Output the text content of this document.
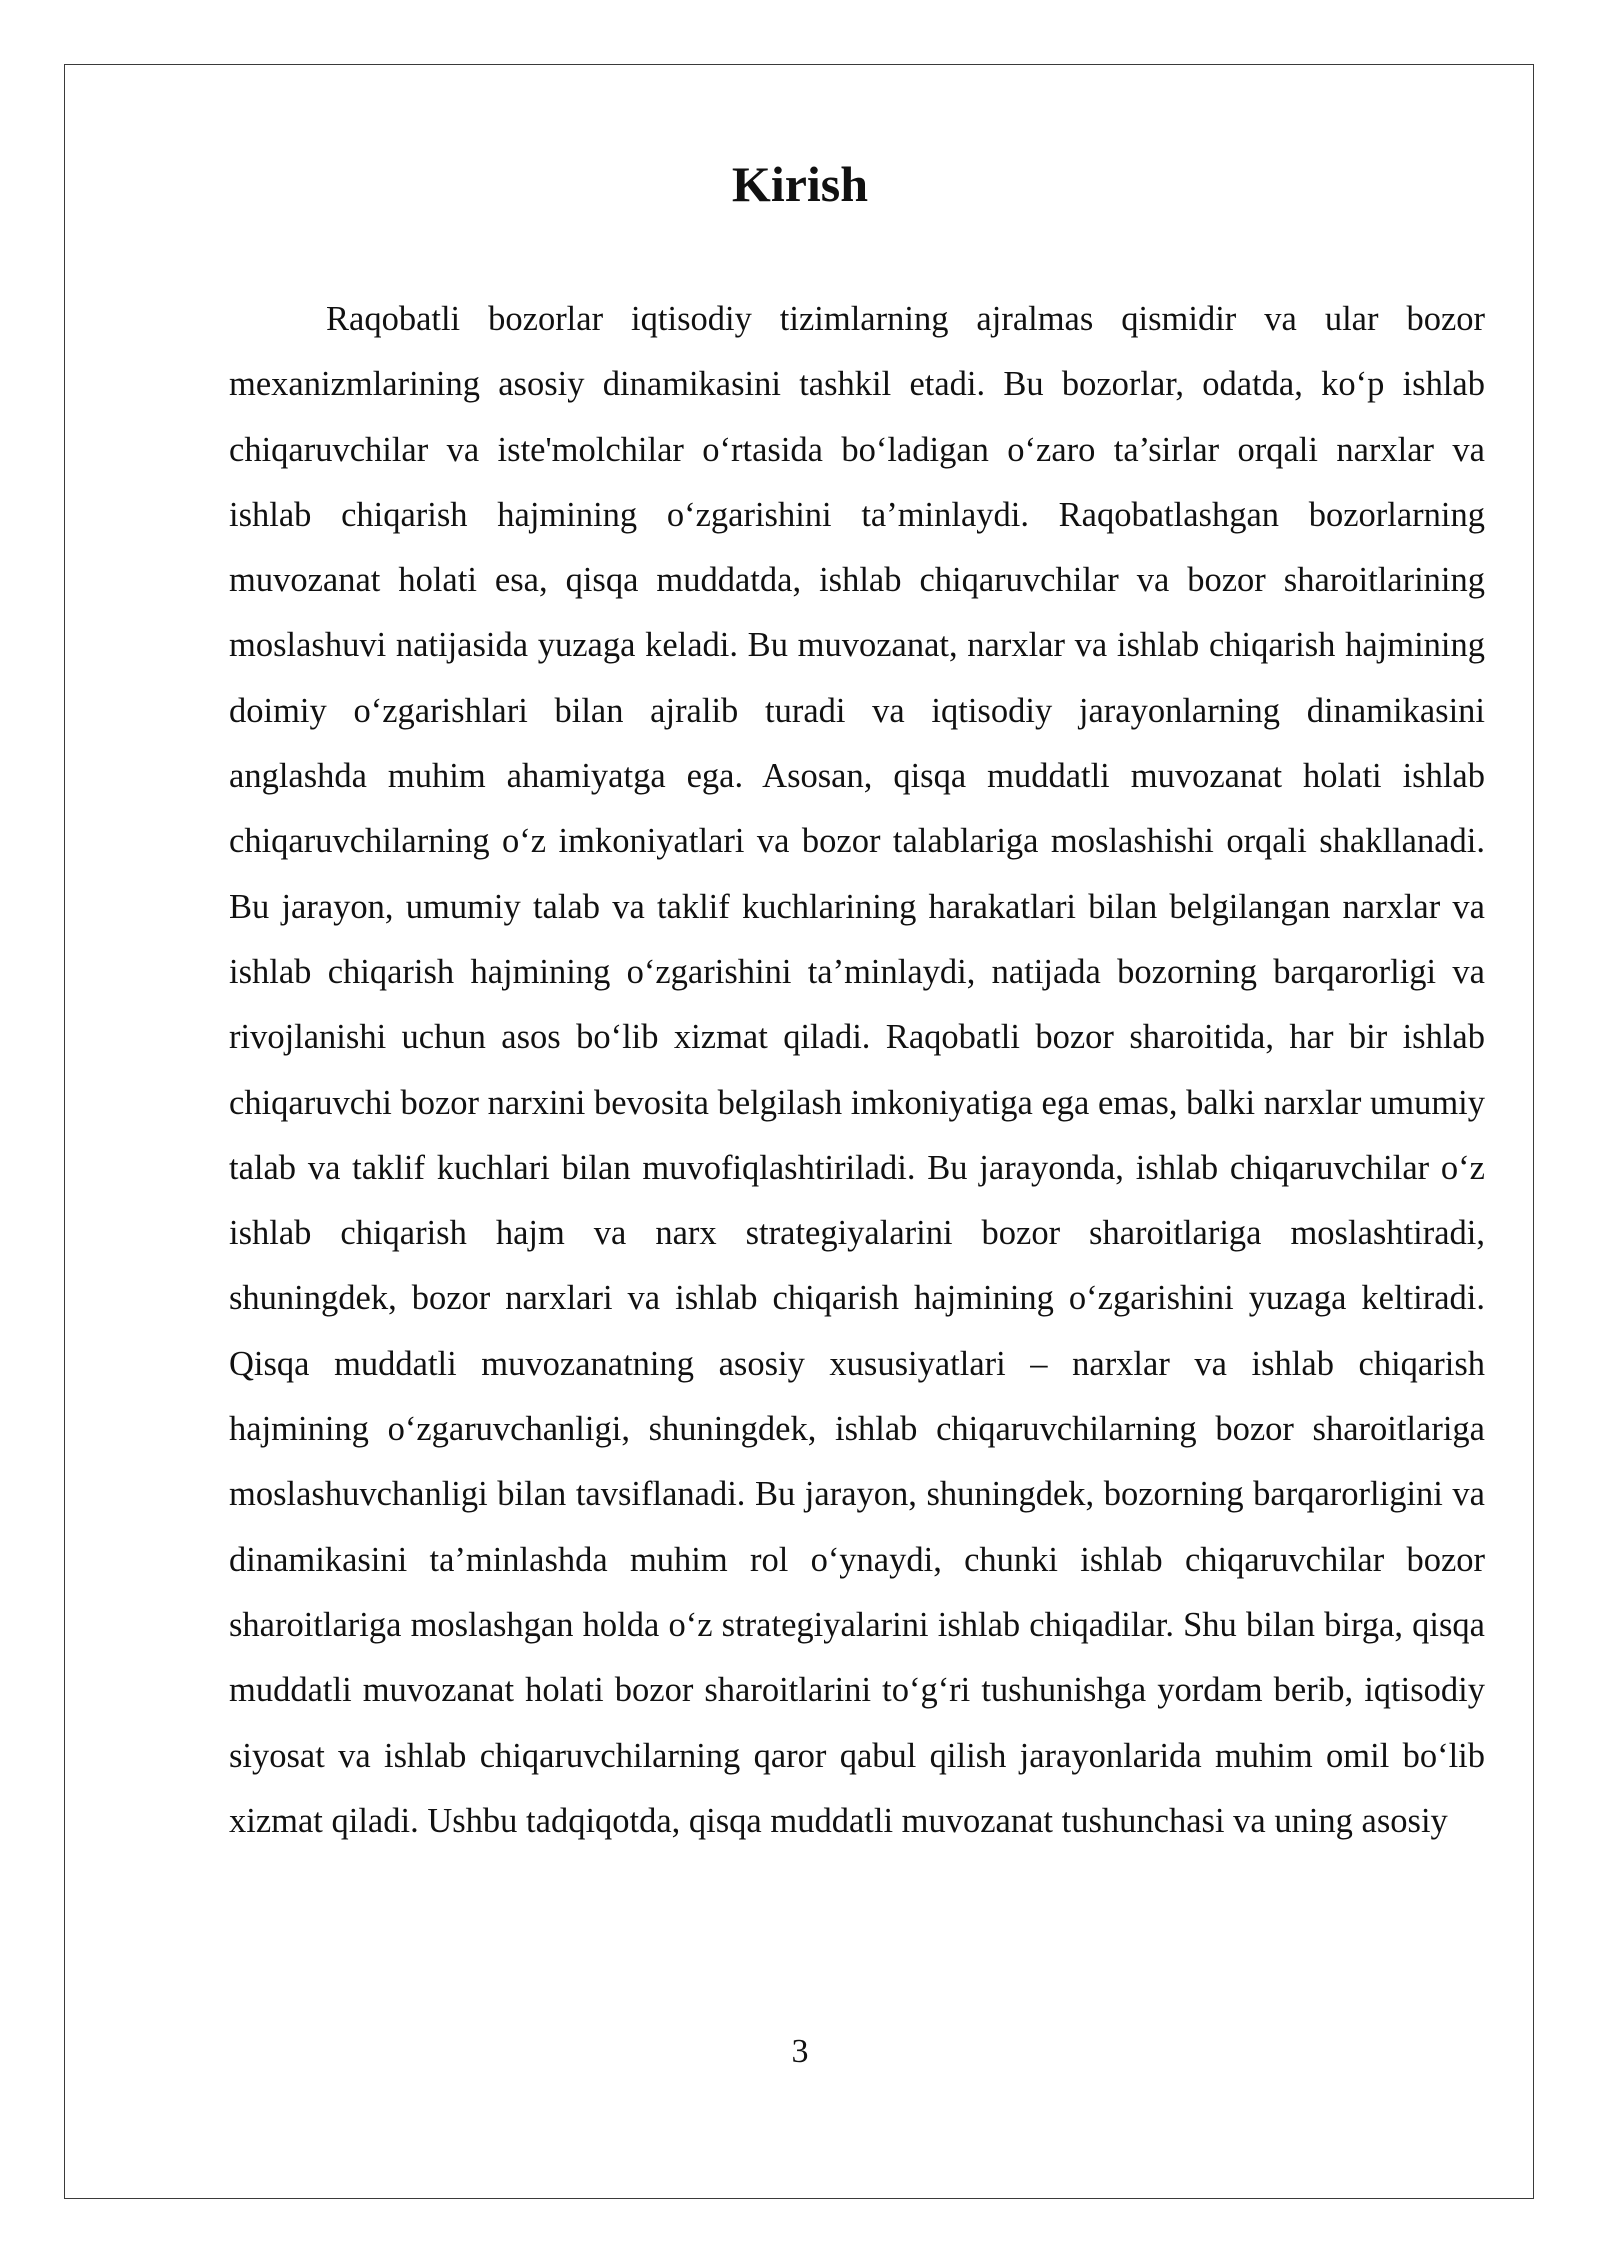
Kirish

Raqobatli bozorlar iqtisodiy tizimlarning ajralmas qismidir va ular bozor mexanizmlarining asosiy dinamikasini tashkil etadi. Bu bozorlar, odatda, ko‘p ishlab chiqaruvchilar va iste'molchilar o‘rtasida bo‘ladigan o‘zaro ta’sirlar orqali narxlar va ishlab chiqarish hajmining o‘zgarishini ta’minlaydi. Raqobatlashgan bozorlarning muvozanat holati esa, qisqa muddatda, ishlab chiqaruvchilar va bozor sharoitlarining moslashuvi natijasida yuzaga keladi. Bu muvozanat, narxlar va ishlab chiqarish hajmining doimiy o‘zgarishlari bilan ajralib turadi va iqtisodiy jarayonlarning dinamikasini anglashda muhim ahamiyatga ega. Asosan, qisqa muddatli muvozanat holati ishlab chiqaruvchilarning o‘z imkoniyatlari va bozor talablariga moslashishi orqali shakllanadi. Bu jarayon, umumiy talab va taklif kuchlarining harakatlari bilan belgilangan narxlar va ishlab chiqarish hajmining o‘zgarishini ta’minlaydi, natijada bozorning barqarorligi va rivojlanishi uchun asos bo‘lib xizmat qiladi. Raqobatli bozor sharoitida, har bir ishlab chiqaruvchi bozor narxini bevosita belgilash imkoniyatiga ega emas, balki narxlar umumiy talab va taklif kuchlari bilan muvofiqlashtiriladi. Bu jarayonda, ishlab chiqaruvchilar o‘z ishlab chiqarish hajm va narx strategiyalarini bozor sharoitlariga moslashtiradi, shuningdek, bozor narxlari va ishlab chiqarish hajmining o‘zgarishini yuzaga keltiradi. Qisqa muddatli muvozanatning asosiy xususiyatlari – narxlar va ishlab chiqarish hajmining o‘zgaruvchanligi, shuningdek, ishlab chiqaruvchilarning bozor sharoitlariga moslashuvchanligi bilan tavsiflanadi. Bu jarayon, shuningdek, bozorning barqarorligini va dinamikasini ta’minlashda muhim rol o‘ynaydi, chunki ishlab chiqaruvchilar bozor sharoitlariga moslashgan holda o‘z strategiyalarini ishlab chiqadilar. Shu bilan birga, qisqa muddatli muvozanat holati bozor sharoitlarini to‘g‘ri tushunishga yordam berib, iqtisodiy siyosat va ishlab chiqaruvchilarning qaror qabul qilish jarayonlarida muhim omil bo‘lib xizmat qiladi. Ushbu tadqiqotda, qisqa muddatli muvozanat tushunchasi va uning asosiy

3
